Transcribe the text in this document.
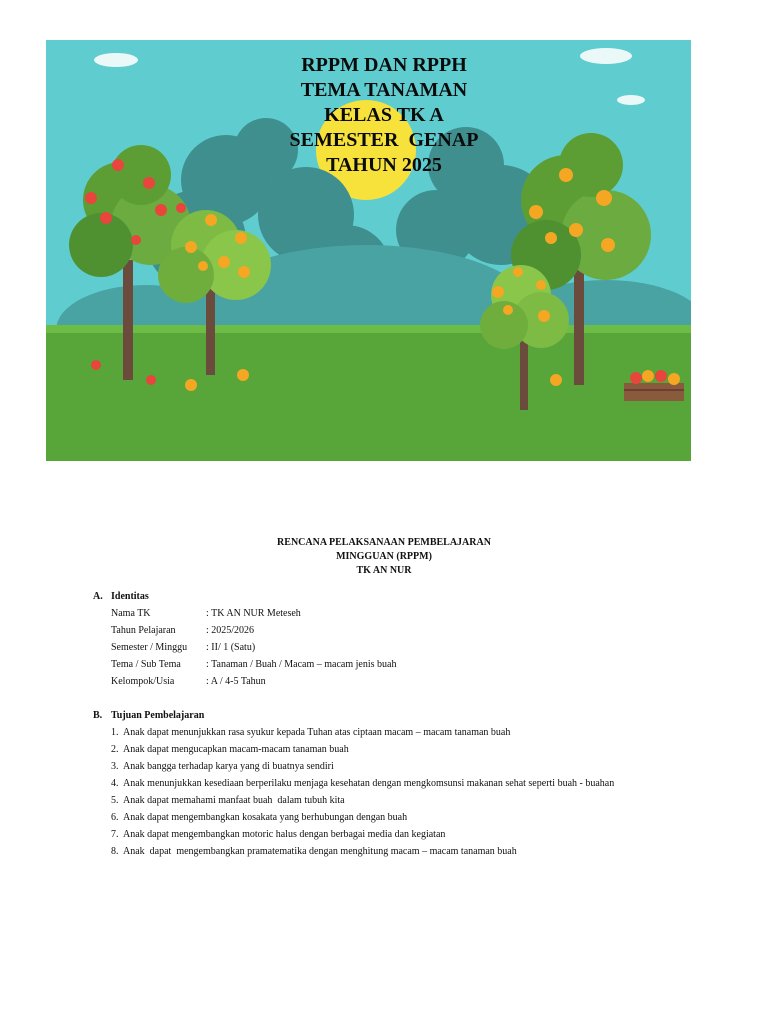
RPPM DAN RPPH
TEMA TANAMAN
KELAS TK A
SEMESTER  GENAP
TAHUN 2025
RENCANA PELAKSANAAN PEMBELAJARAN
MINGGUAN (RPPM)
TK AN NUR
A. Identitas
Nama TK	: TK AN NUR Meteseh
Tahun Pelajaran	: 2025/2026
Semester / Minggu : II/ 1 (Satu)
Tema / Sub Tema	: Tanaman / Buah / Macam – macam jenis buah
Kelompok/Usia	: A / 4-5 Tahun
B. Tujuan Pembelajaran
1. Anak dapat menunjukkan rasa syukur kepada Tuhan atas ciptaan macam – macam tanaman buah
2. Anak dapat mengucapkan macam-macam tanaman buah
3. Anak bangga terhadap karya yang di buatnya sendiri
4. Anak menunjukkan kesediaan berperilaku menjaga kesehatan dengan mengkomsunsi makanan sehat seperti buah - buahan
5. Anak dapat memahami manfaat buah  dalam tubuh kita
6. Anak dapat mengembangkan kosakata yang berhubungan dengan buah
7. Anak dapat mengembangkan motoric halus dengan berbagai media dan kegiatan
8. Anak  dapat  mengembangkan pramatematika dengan menghitung macam – macam tanaman buah
